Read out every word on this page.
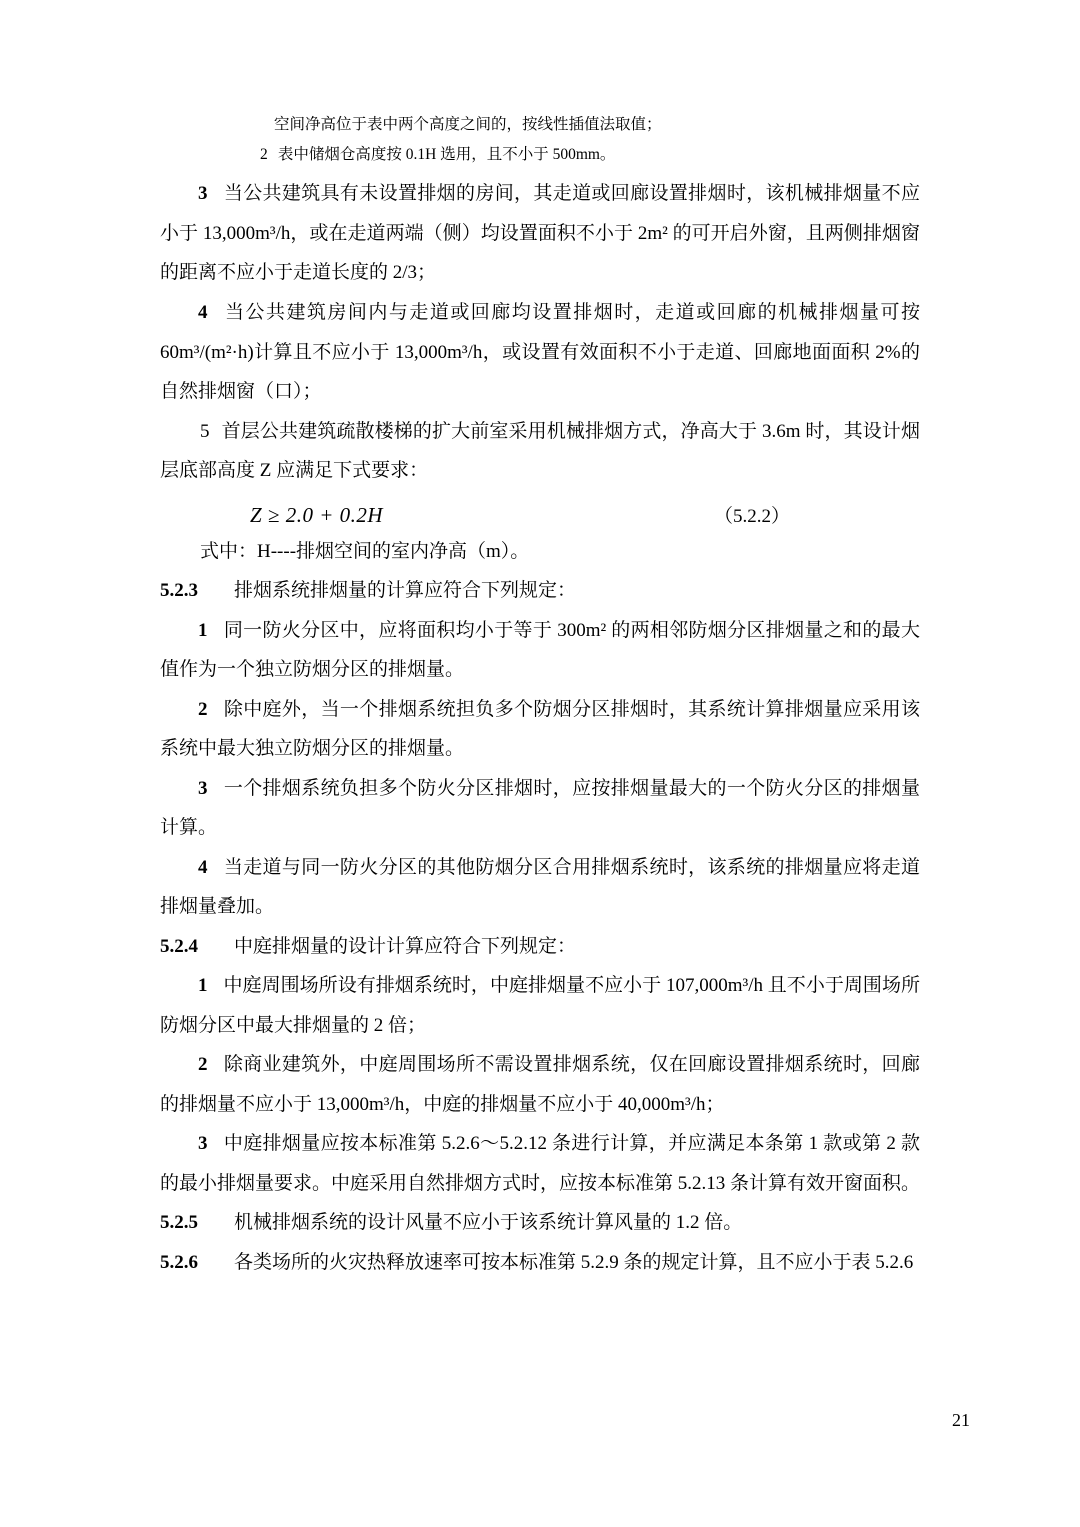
空间净高位于表中两个高度之间的，按线性插值法取值；
2 表中储烟仓高度按 0.1H 选用，且不小于 500mm。

3 当公共建筑具有未设置排烟的房间，其走道或回廊设置排烟时，该机械排烟量不应小于 13,000m³/h，或在走道两端（侧）均设置面积不小于 2m² 的可开启外窗，且两侧排烟窗的距离不应小于走道长度的 2/3；

4 当公共建筑房间内与走道或回廊均设置排烟时，走道或回廊的机械排烟量可按 60m³/(m²·h)计算且不应小于 13,000m³/h，或设置有效面积不小于走道、回廊地面面积 2%的自然排烟窗（口）；

5 首层公共建筑疏散楼梯的扩大前室采用机械排烟方式，净高大于 3.6m 时，其设计烟层底部高度 Z 应满足下式要求：

Z ≥ 2.0 + 0.2H	（5.2.2）

式中：H----排烟空间的室内净高（m）。

5.2.3 排烟系统排烟量的计算应符合下列规定：

1 同一防火分区中，应将面积均小于等于 300m² 的两相邻防烟分区排烟量之和的最大值作为一个独立防烟分区的排烟量。

2 除中庭外，当一个排烟系统担负多个防烟分区排烟时，其系统计算排烟量应采用该系统中最大独立防烟分区的排烟量。

3 一个排烟系统负担多个防火分区排烟时，应按排烟量最大的一个防火分区的排烟量计算。

4 当走道与同一防火分区的其他防烟分区合用排烟系统时，该系统的排烟量应将走道排烟量叠加。

5.2.4 中庭排烟量的设计计算应符合下列规定：

1 中庭周围场所设有排烟系统时，中庭排烟量不应小于 107,000m³/h 且不小于周围场所防烟分区中最大排烟量的 2 倍；

2 除商业建筑外，中庭周围场所不需设置排烟系统，仅在回廊设置排烟系统时，回廊的排烟量不应小于 13,000m³/h，中庭的排烟量不应小于 40,000m³/h；

3 中庭排烟量应按本标准第 5.2.6～5.2.12 条进行计算，并应满足本条第 1 款或第 2 款的最小排烟量要求。中庭采用自然排烟方式时，应按本标准第 5.2.13 条计算有效开窗面积。

5.2.5 机械排烟系统的设计风量不应小于该系统计算风量的 1.2 倍。

5.2.6 各类场所的火灾热释放速率可按本标准第 5.2.9 条的规定计算，且不应小于表 5.2.6

21
